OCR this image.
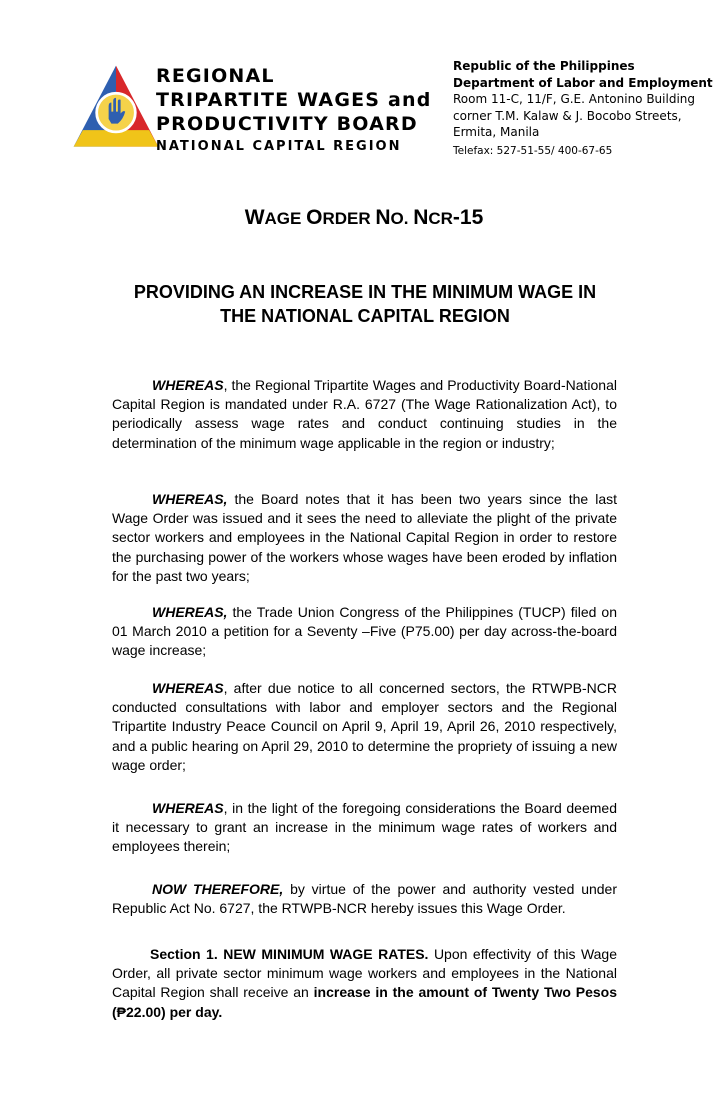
REGIONAL
TRIPARTITE WAGES and
PRODUCTIVITY BOARD
NATIONAL CAPITAL REGION
Republic of the Philippines
Department of Labor and Employment
Room 11-C, 11/F, G.E. Antonino Building
corner T.M. Kalaw & J. Bocobo Streets,
Ermita, Manila
Telefax: 527-51-55/ 400-67-65
WAGE ORDER NO. NCR-15
PROVIDING AN INCREASE IN THE MINIMUM WAGE IN
THE NATIONAL CAPITAL REGION
WHEREAS, the Regional Tripartite Wages and Productivity Board-National Capital Region is mandated under R.A. 6727 (The Wage Rationalization Act), to periodically assess wage rates and conduct continuing studies in the determination of the minimum wage applicable in the region or industry;
WHEREAS, the Board notes that it has been two years since the last Wage Order was issued and it sees the need to alleviate the plight of the private sector workers and employees in the National Capital Region in order to restore the purchasing power of the workers whose wages have been eroded by inflation for the past two years;
WHEREAS, the Trade Union Congress of the Philippines (TUCP) filed on 01 March 2010 a petition for a Seventy –Five (P75.00) per day across-the-board wage increase;
WHEREAS, after due notice to all concerned sectors, the RTWPB-NCR conducted consultations with labor and employer sectors and the Regional Tripartite Industry Peace Council on April 9, April 19, April 26, 2010 respectively, and a public hearing on April 29, 2010 to determine the propriety of issuing a new wage order;
WHEREAS, in the light of the foregoing considerations the Board deemed it necessary to grant an increase in the minimum wage rates of workers and employees therein;
NOW THEREFORE, by virtue of the power and authority vested under Republic Act No. 6727, the RTWPB-NCR hereby issues this Wage Order.
Section 1. NEW MINIMUM WAGE RATES. Upon effectivity of this Wage Order, all private sector minimum wage workers and employees in the National Capital Region shall receive an increase in the amount of Twenty Two Pesos (₱22.00) per day.
